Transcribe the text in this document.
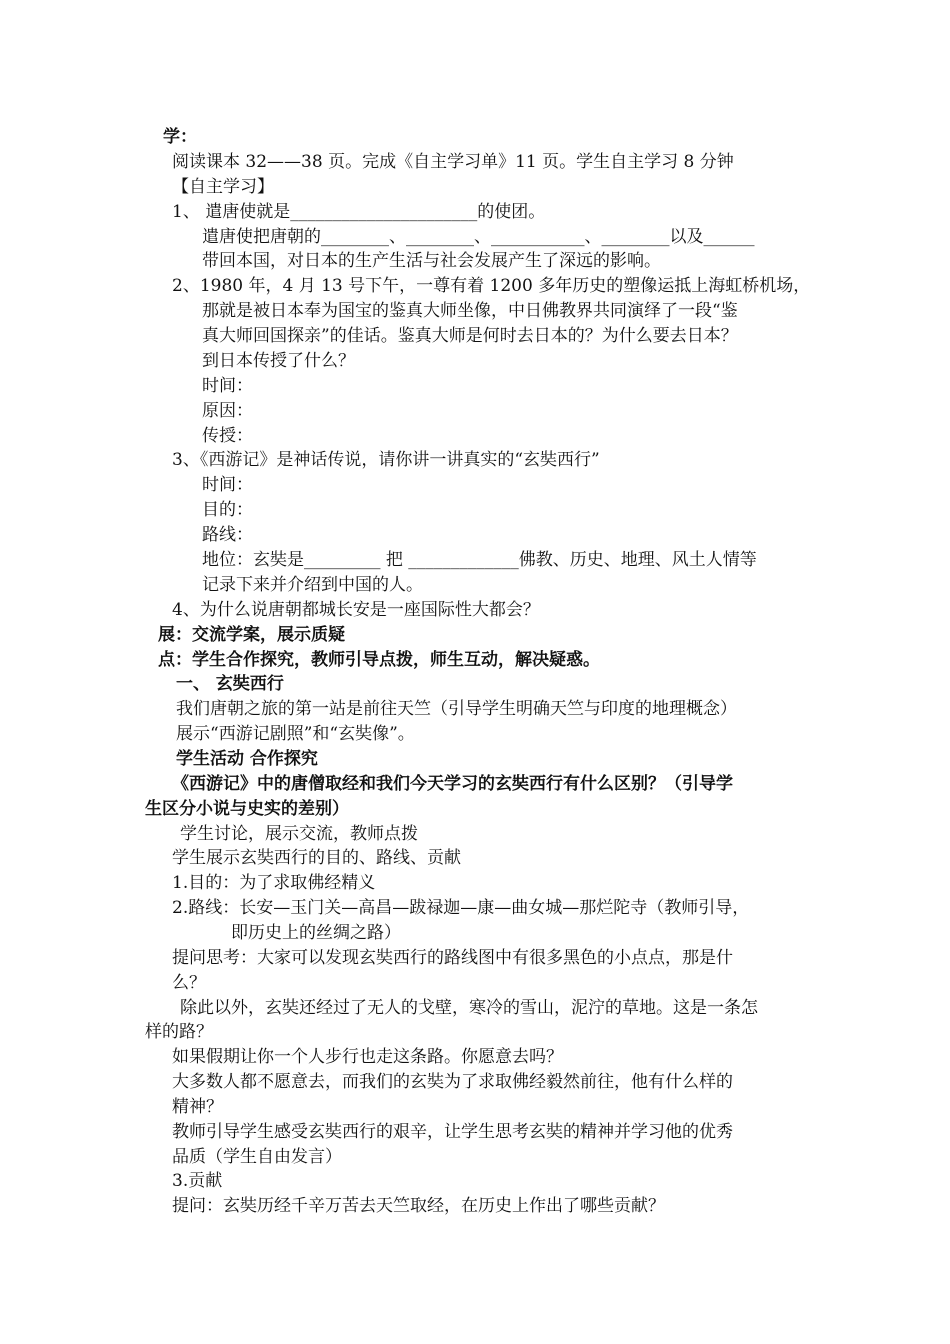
学：
阅读课本 32——38 页。完成《自主学习单》11 页。学生自主学习 8 分钟
【自主学习】
1、 遣唐使就是______________________的使团。
遣唐使把唐朝的________、________、___________、________以及______
带回本国，对日本的生产生活与社会发展产生了深远的影响。
2、1980 年，4 月 13 号下午，一尊有着 1200 多年历史的塑像运抵上海虹桥机场，
那就是被日本奉为国宝的鉴真大师坐像，中日佛教界共同演绎了一段“鉴
真大师回国探亲”的佳话。鉴真大师是何时去日本的？为什么要去日本？
到日本传授了什么？
时间：
原因：
传授：
3、《西游记》是神话传说，请你讲一讲真实的“玄奘西行”
时间：
目的：
路线：
地位：玄奘是_________ 把 _____________佛教、历史、地理、风土人情等
记录下来并介绍到中国的人。
4、为什么说唐朝都城长安是一座国际性大都会？
展：交流学案，展示质疑
点：学生合作探究，教师引导点拨，师生互动，解决疑惑。
一、 玄奘西行
我们唐朝之旅的第一站是前往天竺（引导学生明确天竺与印度的地理概念）
展示“西游记剧照”和“玄奘像”。
学生活动 合作探究
《西游记》中的唐僧取经和我们今天学习的玄奘西行有什么区别？（引导学
生区分小说与史实的差别）
学生讨论，展示交流，教师点拨
学生展示玄奘西行的目的、路线、贡献
1.目的：为了求取佛经精义
2.路线：长安—玉门关—高昌—跋禄迦—康—曲女城—那烂陀寺（教师引导，
即历史上的丝绸之路）
提问思考：大家可以发现玄奘西行的路线图中有很多黑色的小点点，那是什
么？
除此以外，玄奘还经过了无人的戈壁，寒冷的雪山，泥泞的草地。这是一条怎
样的路？
如果假期让你一个人步行也走这条路。你愿意去吗？
大多数人都不愿意去，而我们的玄奘为了求取佛经毅然前往，他有什么样的
精神？
教师引导学生感受玄奘西行的艰辛，让学生思考玄奘的精神并学习他的优秀
品质（学生自由发言）
3.贡献
提问：玄奘历经千辛万苦去天竺取经，在历史上作出了哪些贡献？
